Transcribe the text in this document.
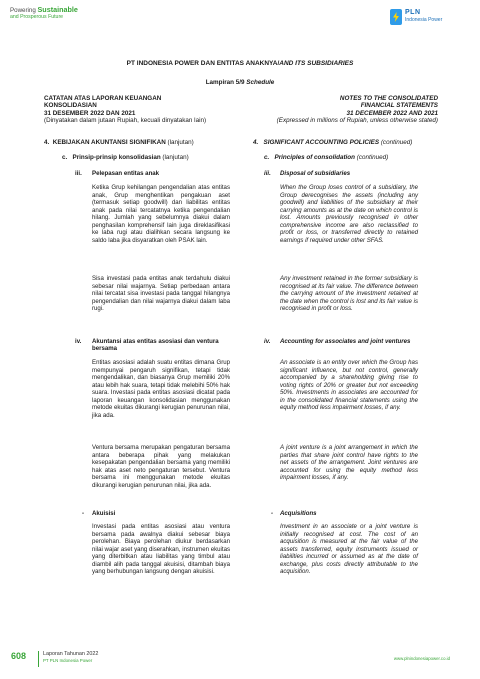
Powering Sustainable
and Prosperous Future
PLN
Indonesia Power
PT INDONESIA POWER DAN ENTITAS ANAKNYA/AND ITS SUBSIDIARIES
Lampiran 5/9 Schedule
CATATAN ATAS LAPORAN KEUANGAN
KONSOLIDASIAN
31 DESEMBER 2022 DAN 2021
(Dinyatakan dalam jutaan Rupiah, kecuali dinyatakan lain)
NOTES TO THE CONSOLIDATED
FINANCIAL STATEMENTS
31 DECEMBER 2022 AND 2021
(Expressed in millions of Rupiah, unless otherwise stated)
4. KEBIJAKAN AKUNTANSI SIGNIFIKAN (lanjutan)	4. SIGNIFICANT ACCOUNTING POLICIES (continued)
c. Prinsip-prinsip konsolidasian (lanjutan)	c. Principles of consolidation (continued)
iii. Pelepasan entitas anak	iii. Disposal of subsidiaries
Ketika Grup kehilangan pengendalian atas entitas anak, Grup menghentikan pengakuan aset (termasuk setiap goodwill) dan liabilitas entitas anak pada nilai tercatatnya ketika pengendalian hilang. Jumlah yang sebelumnya diakui dalam penghasilan komprehensif lain juga direklasifikasi ke laba rugi atau dialihkan secara langsung ke saldo laba jika disyaratkan oleh PSAK lain.
When the Group loses control of a subsidiary, the Group derecognises the assets (including any goodwill) and liabilities of the subsidiary at their carrying amounts as at the date on which control is lost. Amounts previously recognised in other comprehensive income are also reclassified to profit or loss, or transferred directly to retained earnings if required under other SFAS.
Sisa investasi pada entitas anak terdahulu diakui sebesar nilai wajarnya. Setiap perbedaan antara nilai tercatat sisa investasi pada tanggal hilangnya pengendalian dan nilai wajarnya diakui dalam laba rugi.
Any investment retained in the former subsidiary is recognised at its fair value. The difference between the carrying amount of the investment retained at the date when the control is lost and its fair value is recognised in profit or loss.
iv. Akuntansi atas entitas asosiasi dan ventura bersama
iv. Accounting for associates and joint ventures
Entitas asosiasi adalah suatu entitas dimana Grup mempunyai pengaruh signifikan, tetapi tidak mengendalikan, dan biasanya Grup memiliki 20% atau lebih hak suara, tetapi tidak melebihi 50% hak suara. Investasi pada entitas asosiasi dicatat pada laporan keuangan konsolidasian menggunakan metode ekuitas dikurangi kerugian penurunan nilai, jika ada.
An associate is an entity over which the Group has significant influence, but not control, generally accompanied by a shareholding giving rise to voting rights of 20% or greater but not exceeding 50%. Investments in associates are accounted for in the consolidated financial statements using the equity method less impairment losses, if any.
Ventura bersama merupakan pengaturan bersama antara beberapa pihak yang melakukan kesepakatan pengendalian bersama yang memiliki hak atas aset neto pengaturan tersebut. Ventura bersama ini menggunakan metode ekuitas dikurangi kerugian penurunan nilai, jika ada.
A joint venture is a joint arrangement in which the parties that share joint control have rights to the net assets of the arrangement. Joint ventures are accounted for using the equity method less impairment losses, if any.
- Akuisisi	- Acquisitions
Investasi pada entitas asosiasi atau ventura bersama pada awalnya diakui sebesar biaya perolehan. Biaya perolehan diukur berdasarkan nilai wajar aset yang diserahkan, instrumen ekuitas yang diterbitkan atau liabilitas yang timbul atau diambil alih pada tanggal akuisisi, ditambah biaya yang berhubungan langsung dengan akuisisi.
Investment in an associate or a joint venture is initially recognised at cost. The cost of an acquisition is measured at the fair value of the assets transferred, equity instruments issued or liabilities incurred or assumed as at the date of exchange, plus costs directly attributable to the acquisition.
608	Laporan Tahunan 2022
PT PLN Indonesia Power	www.plnindonesiapower.co.id
